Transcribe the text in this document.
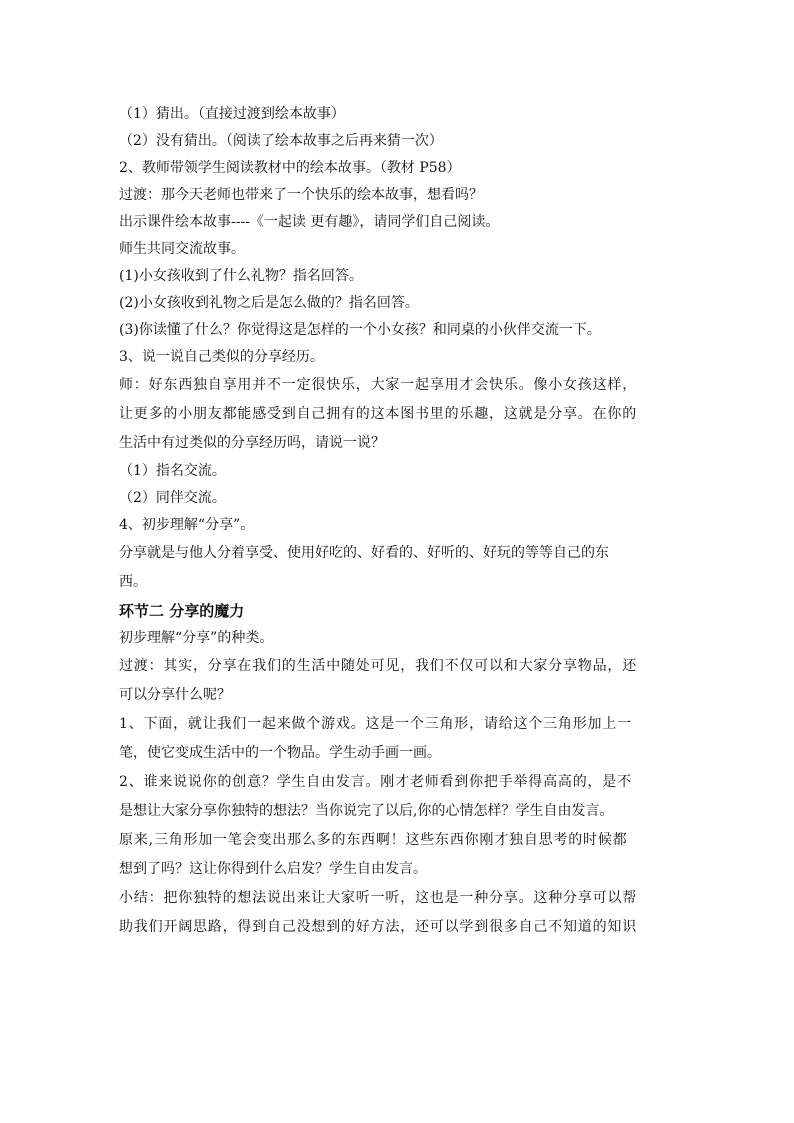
（1）猜出。（直接过渡到绘本故事）
（2）没有猜出。（阅读了绘本故事之后再来猜一次）
2、教师带领学生阅读教材中的绘本故事。（教材 P58）
过渡：那今天老师也带来了一个快乐的绘本故事，想看吗？
出示课件绘本故事----《一起读 更有趣》，请同学们自己阅读。
师生共同交流故事。
(1)小女孩收到了什么礼物？指名回答。
(2)小女孩收到礼物之后是怎么做的？指名回答。
(3)你读懂了什么？你觉得这是怎样的一个小女孩？和同桌的小伙伴交流一下。
3、说一说自己类似的分享经历。
师：好东西独自享用并不一定很快乐，大家一起享用才会快乐。像小女孩这样，
让更多的小朋友都能感受到自己拥有的这本图书里的乐趣，这就是分享。在你的
生活中有过类似的分享经历吗，请说一说？
（1）指名交流。
（2）同伴交流。
4、初步理解“分享”。
分享就是与他人分着享受、使用好吃的、好看的、好听的、好玩的等等自己的东
西。
环节二 分享的魔力
初步理解“分享”的种类。
过渡：其实，分享在我们的生活中随处可见，我们不仅可以和大家分享物品，还
可以分享什么呢？
1、下面，就让我们一起来做个游戏。这是一个三角形，请给这个三角形加上一
笔，使它变成生活中的一个物品。学生动手画一画。
2、谁来说说你的创意？学生自由发言。刚才老师看到你把手举得高高的，是不
是想让大家分享你独特的想法？当你说完了以后,你的心情怎样？学生自由发言。
原来,三角形加一笔会变出那么多的东西啊！这些东西你刚才独自思考的时候都
想到了吗？这让你得到什么启发？学生自由发言。
小结：把你独特的想法说出来让大家听一听，这也是一种分享。这种分享可以帮
助我们开阔思路，得到自己没想到的好方法，还可以学到很多自己不知道的知识
